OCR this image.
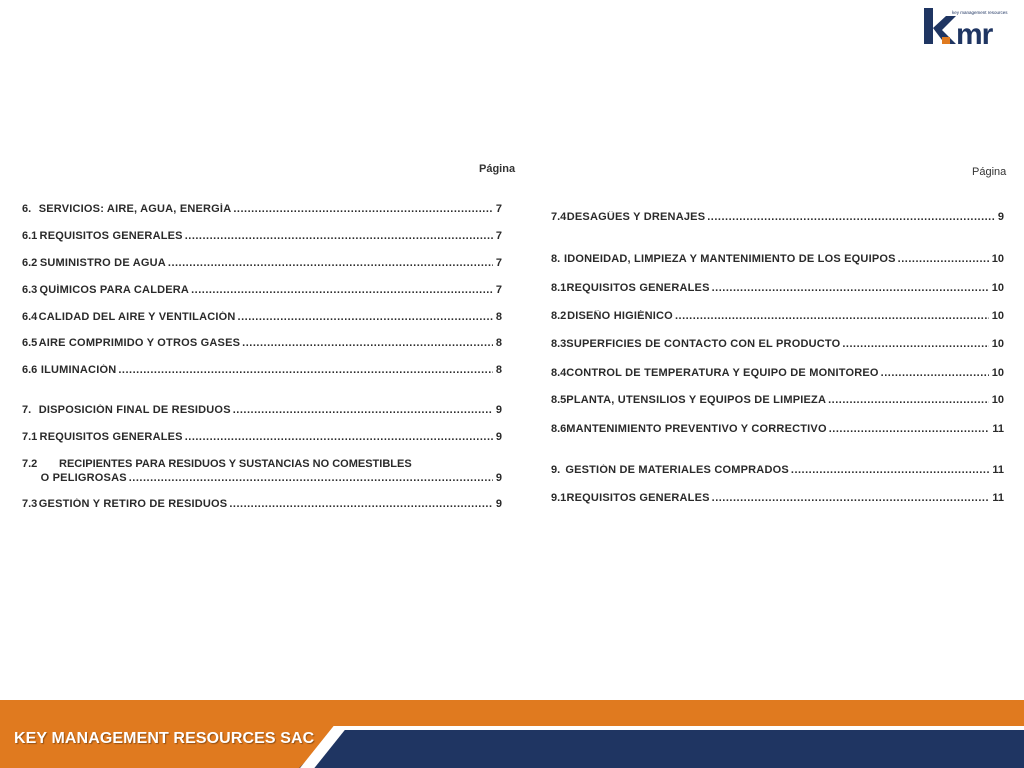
mr
key management resources
Página
6. SERVICIOS: AIRE, AGUA, ENERGÍA .....	7
6.1 REQUISITOS GENERALES .....	7
6.2 SUMINISTRO DE AGUA .....	7
6.3 QUÍMICOS PARA CALDERA .....	7
6.4 CALIDAD DEL AIRE Y VENTILACIÓN .....	8
6.5 AIRE COMPRIMIDO Y OTROS GASES .....	8
6.6 ILUMINACIÓN .....	8
7. DISPOSICIÓN FINAL DE RESIDUOS .....	9
7.1 REQUISITOS GENERALES .....	9
7.2	RECIPIENTES PARA RESIDUOS Y SUSTANCIAS NO COMESTIBLES
O PELIGROSAS .....	9
7.3 GESTIÓN Y RETIRO DE RESIDUOS .....	9
Página
7.4 DESAGÜES Y DRENAJES .....	9
8. IDONEIDAD, LIMPIEZA Y MANTENIMIENTO DE LOS EQUIPOS .....	10
8.1 REQUISITOS GENERALES .....	10
8.2 DISEÑO HIGIÉNICO .....	10
8.3 SUPERFICIES DE CONTACTO CON EL PRODUCTO .....	10
8.4 CONTROL DE TEMPERATURA Y EQUIPO DE MONITOREO .....	10
8.5 PLANTA, UTENSILIOS Y EQUIPOS DE LIMPIEZA .....	10
8.6 MANTENIMIENTO PREVENTIVO Y CORRECTIVO .....	11
9. GESTIÓN DE MATERIALES COMPRADOS .....	11
9.1 REQUISITOS GENERALES .....	11
KEY MANAGEMENT RESOURCES SAC
